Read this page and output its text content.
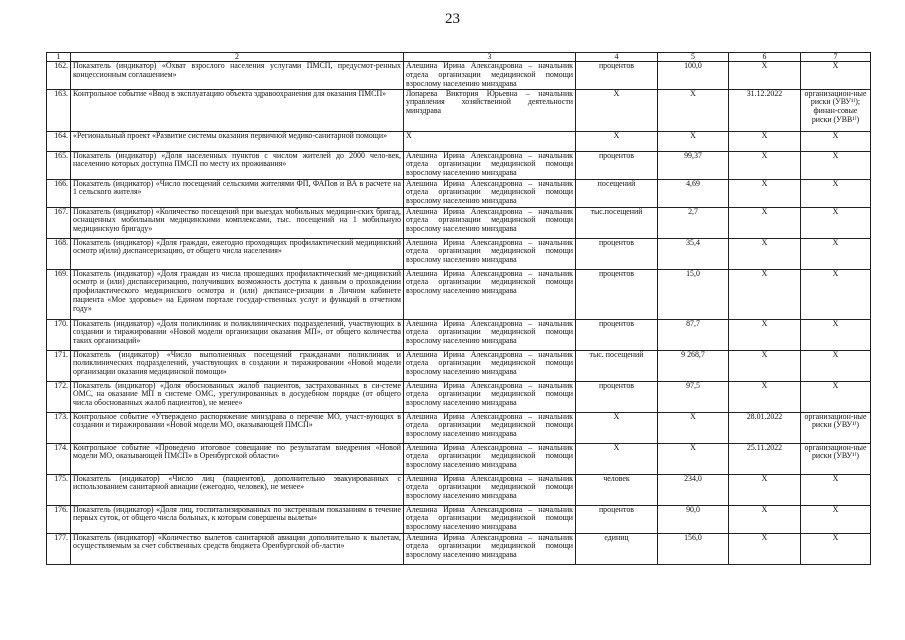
23
1	2	3	4	5	6	7
162.	Показатель (индикатор) «Охват взрослого населения услугами ПМСП, предусмот-ренных концессионным соглашением»	Алешина Ирина Александровна – начальник отдела организации медицинской помощи взрослому населению минздрава	процентов	100,0	X	X
163.	Контрольное событие «Ввод в эксплуатацию объекта здравоохранения для оказания ПМСП»	Лопарева Виктория Юрьевна – начальник управления хозяйственной деятельности минздрава	X	X	31.12.2022	организацион-ные риски (УВУ¹⁾); финан-совые риски (УВВ¹⁾)
164.	«Региональный проект «Развитие системы оказания первичной медико-санитарной помощи»	X	X	X	X	X
165.	Показатель (индикатор) «Доля населенных пунктов с числом жителей до 2000 чело-век, населению которых доступна ПМСП по месту их проживания»	Алешина Ирина Александровна – начальник отдела организации медицинской помощи взрослому населению минздрава	процентов	99,37	X	X
166.	Показатель (индикатор) «Число посещений сельскими жителями ФП, ФАПов и ВА в расчете на 1 сельского жителя»	Алешина Ирина Александровна – начальник отдела организации медицинской помощи взрослому населению минздрава	посещений	4,69	X	X
167.	Показатель (индикатор) «Количество посещений при выездах мобильных медицин-ских бригад, оснащенных мобильными медицинскими комплексами, тыс. посещений на 1 мобильную медицинскую бригаду»	Алешина Ирина Александровна – начальник отдела организации медицинской помощи взрослому населению минздрава	тыс.посещений	2,7	X	X
168.	Показатель (индикатор) «Доля граждан, ежегодно проходящих профилактический медицинский осмотр и(или) диспансеризацию, от общего числа населения»	Алешина Ирина Александровна – начальник отдела организации медицинской помощи взрослому населению минздрава	процентов	35,4	X	X
169.	Показатель (индикатор) «Доля граждан из числа прошедших профилактический ме-дицинский осмотр и (или) диспансеризацию, получивших возможность доступа к данным о прохождении профилактического медицинского осмотра и (или) диспансе-ризации в Личном кабинете пациента «Мое здоровье» на Едином портале государ-ственных услуг и функций в отчетном году»	Алешина Ирина Александровна – начальник отдела организации медицинской помощи взрослому населению минздрава	процентов	15,0	X	X
170.	Показатель (индикатор) «Доля поликлиник и поликлинических подразделений, участвующих в создании и тиражировании «Новой модели организации оказания МП», от общего количества таких организаций»	Алешина Ирина Александровна – начальник отдела организации медицинской помощи взрослому населению минздрава	процентов	87,7	X	X
171.	Показатель (индикатор) «Число выполненных посещений гражданами поликлиник и поликлинических подразделений, участвующих в создании и тиражировании «Новой модели организации оказания медицинской помощи»	Алешина Ирина Александровна – начальник отдела организации медицинской помощи взрослому населению минздрава	тыс. посещений	9 268,7	X	X
172.	Показатель (индикатор) «Доля обоснованных жалоб пациентов, застрахованных в си-стеме ОМС, на оказание МП в системе ОМС, урегулированных в досудебном порядке (от общего числа обоснованных жалоб пациентов), не менее»	Алешина Ирина Александровна – начальник отдела организации медицинской помощи взрослому населению минздрава	процентов	97,5	X	X
173.	Контрольное событие «Утверждено распоряжение минздрава о перечне МО, участ-вующих в создании и тиражировании «Новой модели МО, оказывающей ПМСП»	Алешина Ирина Александровна – начальник отдела организации медицинской помощи взрослому населению минздрава	X	X	28.01.2022	организацион-ные риски (УВУ¹⁾)
174.	Контрольное событие «Проведено итоговое совещание по результатам внедрения «Новой модели МО, оказывающей ПМСП» в Оренбургской области»	Алешина Ирина Александровна – начальник отдела организации медицинской помощи взрослому населению минздрава	X	X	25.11.2022	организацион-ные риски (УВУ¹⁾)
175.	Показатель (индикатор) «Число лиц (пациентов), дополнительно эвакуированных с использованием санитарной авиации (ежегодно, человек), не менее»	Алешина Ирина Александровна – начальник отдела организации медицинской помощи взрослому населению минздрава	человек	234,0	X	X
176.	Показатель (индикатор) «Доля лиц, госпитализированных по экстренным показаниям в течение первых суток, от общего числа больных, к которым совершены вылеты»	Алешина Ирина Александровна – начальник отдела организации медицинской помощи взрослому населению минздрава	процентов	90,0	X	X
177.	Показатель (индикатор) «Количество вылетов санитарной авиации дополнительно к вылетам, осуществляемым за счет собственных средств бюджета Оренбургской об-ласти»	Алешина Ирина Александровна – начальник отдела организации медицинской помощи взрослому населению минздрава	единиц	156,0	X	X
